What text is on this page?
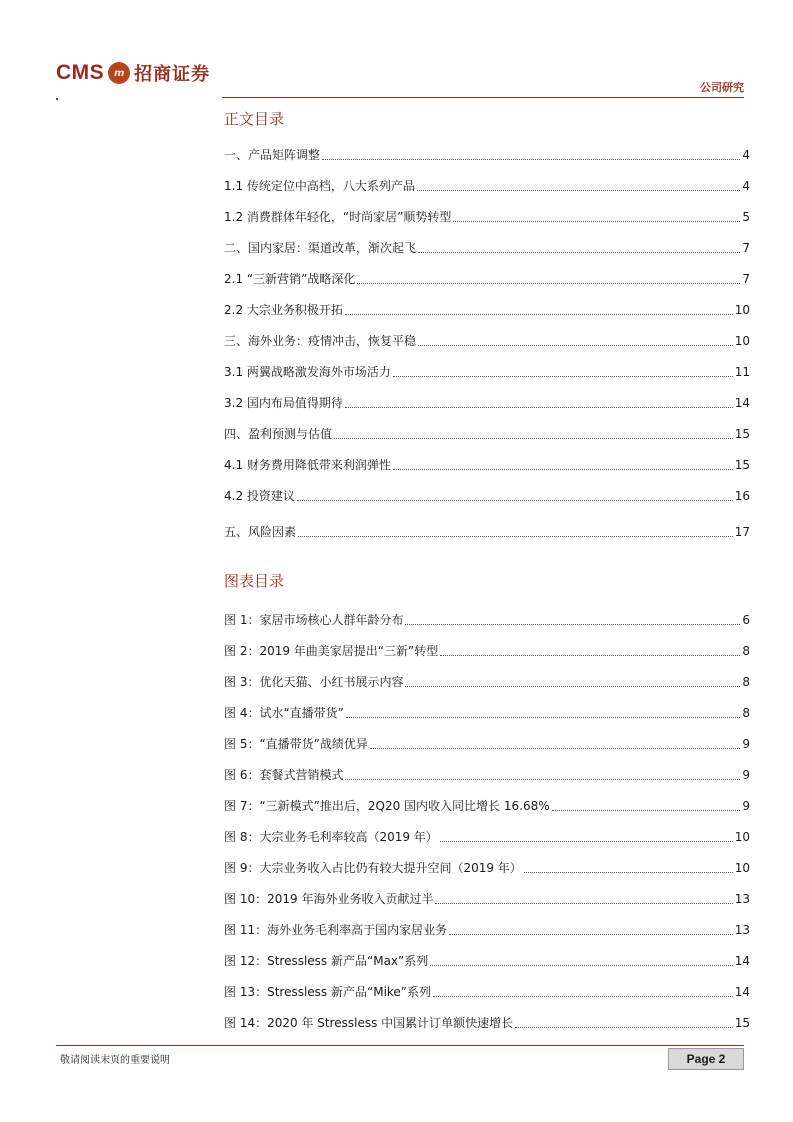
CMS m 招商证券
公司研究
正文目录
一、产品矩阵调整	4
1.1 传统定位中高档，八大系列产品	4
1.2 消费群体年轻化，“时尚家居”顺势转型	5
二、国内家居：渠道改革，渐次起飞	7
2.1 “三新营销”战略深化	7
2.2 大宗业务积极开拓	10
三、海外业务：疫情冲击，恢复平稳	10
3.1 两翼战略激发海外市场活力	11
3.2 国内布局值得期待	14
四、盈利预测与估值	15
4.1 财务费用降低带来利润弹性	15
4.2 投资建议	16
五、风险因素	17
图表目录
图 1：家居市场核心人群年龄分布	6
图 2：2019 年曲美家居提出“三新”转型	8
图 3：优化天猫、小红书展示内容	8
图 4：试水“直播带货”	8
图 5：“直播带货”战绩优异	9
图 6：套餐式营销模式	9
图 7：“三新模式”推出后，2Q20 国内收入同比增长 16.68%	9
图 8：大宗业务毛利率较高（2019 年）	10
图 9：大宗业务收入占比仍有较大提升空间（2019 年）	10
图 10：2019 年海外业务收入贡献过半	13
图 11：海外业务毛利率高于国内家居业务	13
图 12：Stressless 新产品“Max”系列	14
图 13：Stressless 新产品“Mike”系列	14
图 14：2020 年 Stressless 中国累计订单额快速增长	15
敬请阅读末页的重要说明	Page 2
